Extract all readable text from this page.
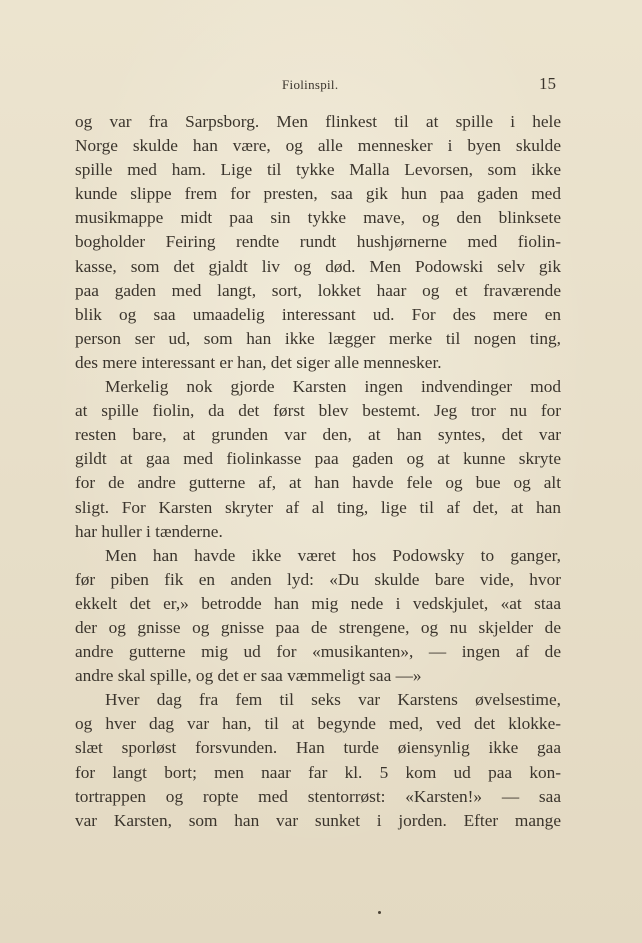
Fiolinspil.	15
og var fra Sarpsborg. Men flinkest til at spille i hele
Norge skulde han være, og alle mennesker i byen skulde
spille med ham. Lige til tykke Malla Levorsen, som ikke
kunde slippe frem for presten, saa gik hun paa gaden med
musikmappe midt paa sin tykke mave, og den blinksete
bogholder Feiring rendte rundt hushjørnerne med fiolin-
kasse, som det gjaldt liv og død. Men Podowski selv gik
paa gaden med langt, sort, lokket haar og et fraværende
blik og saa umaadelig interessant ud. For des mere en
person ser ud, som han ikke lægger merke til nogen ting,
des mere interessant er han, det siger alle mennesker.
Merkelig nok gjorde Karsten ingen indvendinger mod
at spille fiolin, da det først blev bestemt. Jeg tror nu for
resten bare, at grunden var den, at han syntes, det var
gildt at gaa med fiolinkasse paa gaden og at kunne skryte
for de andre gutterne af, at han havde fele og bue og alt
sligt. For Karsten skryter af al ting, lige til af det, at han
har huller i tænderne.
Men han havde ikke været hos Podowsky to ganger,
før piben fik en anden lyd: «Du skulde bare vide, hvor
ekkelt det er,» betrodde han mig nede i vedskjulet, «at staa
der og gnisse og gnisse paa de strengene, og nu skjelder de
andre gutterne mig ud for «musikanten», — ingen af de
andre skal spille, og det er saa væmmeligt saa —»
Hver dag fra fem til seks var Karstens øvelsestime,
og hver dag var han, til at begynde med, ved det klokke-
slæt sporløst forsvunden. Han turde øiensynlig ikke gaa
for langt bort; men naar far kl. 5 kom ud paa kon-
tortrappen og ropte med stentorrøst: «Karsten!» — saa
var Karsten, som han var sunket i jorden. Efter mange
